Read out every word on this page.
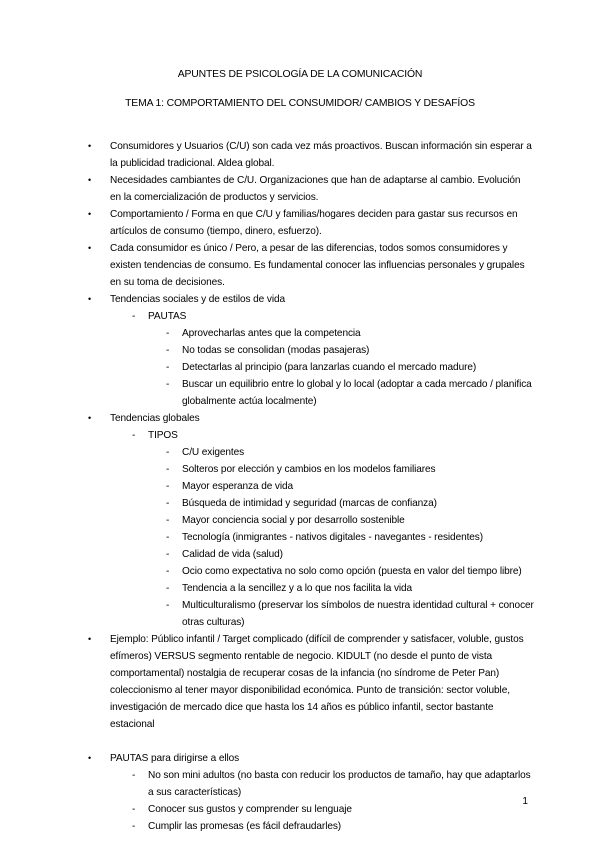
APUNTES DE PSICOLOGÍA DE LA COMUNICACIÓN
TEMA 1: COMPORTAMIENTO DEL CONSUMIDOR/ CAMBIOS Y DESAFÍOS
•
Consumidores y Usuarios (C/U) son cada vez más proactivos. Buscan información sin esperar a la publicidad tradicional. Aldea global.
•
Necesidades cambiantes de C/U. Organizaciones que han de adaptarse al cambio. Evolución en la comercialización de productos y servicios.
•
Comportamiento / Forma en que C/U y familias/hogares deciden para gastar sus recursos en artículos de consumo (tiempo, dinero, esfuerzo).
•
Cada consumidor es único / Pero, a pesar de las diferencias, todos somos consumidores y existen tendencias de consumo. Es fundamental conocer las influencias personales y grupales en su toma de decisiones.
•
Tendencias sociales y de estilos de vida
‐
PAUTAS
‐
Aprovecharlas antes que la competencia
‐
No todas se consolidan (modas pasajeras)
‐
Detectarlas al principio (para lanzarlas cuando el mercado madure)
‐
Buscar un equilibrio entre lo global y lo local (adoptar a cada mercado / planifica globalmente actúa localmente)
•
Tendencias globales
‐
TIPOS
‐
C/U exigentes
‐
Solteros por elección y cambios en los modelos familiares
‐
Mayor esperanza de vida
‐
Búsqueda de intimidad y seguridad (marcas de confianza)
‐
Mayor conciencia social y por desarrollo sostenible
‐
Tecnología (inmigrantes - nativos digitales - navegantes - residentes)
‐
Calidad de vida (salud)
‐
Ocio como expectativa no solo como opción (puesta en valor del tiempo libre)
‐
Tendencia a la sencillez y a lo que nos facilita la vida
‐
Multiculturalismo (preservar los símbolos de nuestra identidad cultural + conocer otras culturas)
•
Ejemplo: Público infantil / Target complicado (difícil de comprender y satisfacer, voluble, gustos efímeros) VERSUS segmento rentable de negocio. KIDULT (no desde el punto de vista comportamental) nostalgia de recuperar cosas de la infancia (no síndrome de Peter Pan) coleccionismo al tener mayor disponibilidad económica. Punto de transición: sector voluble, investigación de mercado dice que hasta los 14 años es público infantil, sector bastante estacional
•
PAUTAS para dirigirse a ellos
‐
No son mini adultos (no basta con reducir los productos de tamaño, hay que adaptarlos a sus características)
‐
Conocer sus gustos y comprender su lenguaje
‐
Cumplir las promesas (es fácil defraudarles)
1
